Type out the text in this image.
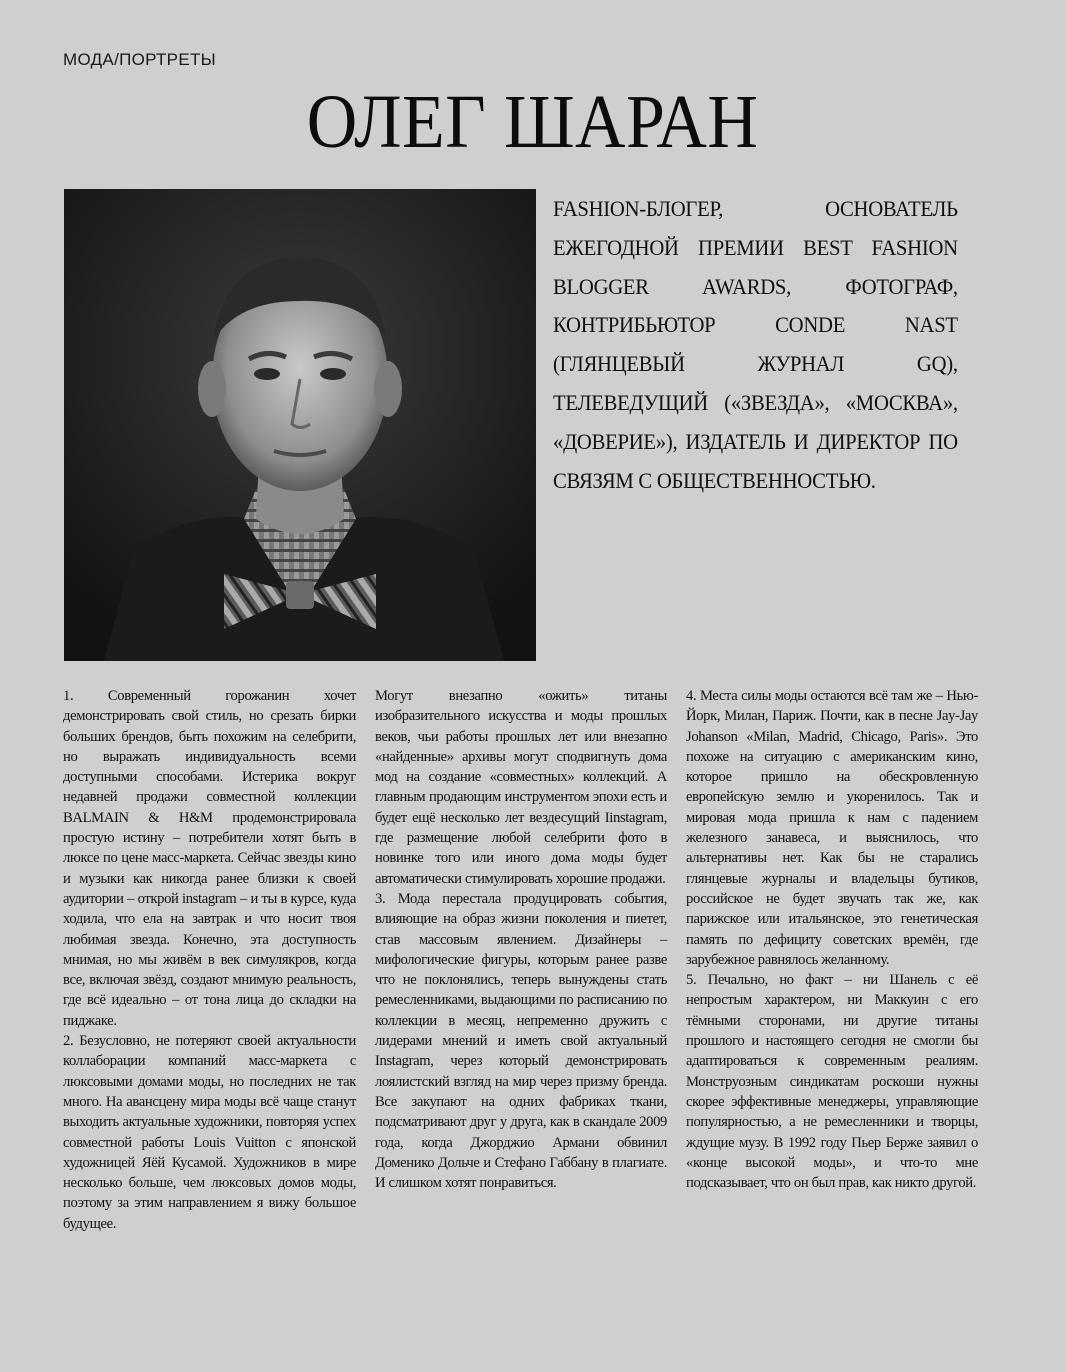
МОДА/ПОРТРЕТЫ
ОЛЕГ ШАРАН
FASHION-БЛОГЕР, ОСНОВАТЕЛЬ ЕЖЕГОДНОЙ ПРЕМИИ BEST FASHION BLOGGER AWARDS, ФОТОГРАФ, КОНТРИБЬЮТОР CONDE NAST (ГЛЯНЦЕВЫЙ ЖУРНАЛ GQ), ТЕЛЕВЕДУЩИЙ («ЗВЕЗДА», «МОСКВА», «ДОВЕРИЕ»), ИЗДАТЕЛЬ И ДИРЕКТОР ПО СВЯЗЯМ С ОБЩЕСТВЕННОСТЬЮ.

1. Современный горожанин хочет демонстрировать свой стиль, но срезать бирки больших брендов, быть похожим на селебрити, но выражать индивидуальность всеми доступными способами. Истерика вокруг недавней продажи совместной коллекции BALMAIN & H&M продемонстрировала простую истину – потребители хотят быть в люксе по цене масс-маркета. Сейчас звезды кино и музыки как никогда ранее близки к своей аудитории – открой instagram – и ты в курсе, куда ходила, что ела на завтрак и что носит твоя любимая звезда. Конечно, эта доступность мнимая, но мы живём в век симулякров, когда все, включая звёзд, создают мнимую реальность, где всё идеально – от тона лица до складки на пиджаке.

2. Безусловно, не потеряют своей актуальности коллаборации компаний масс-маркета с люксовыми домами моды, но последних не так много. На авансцену мира моды всё чаще станут выходить актуальные художники, повторяя успех совместной работы Louis Vuitton с японской художницей Яёй Кусамой. Художников в мире несколько больше, чем люксовых домов моды, поэтому за этим направлением я вижу большое будущее.

Могут внезапно «ожить» титаны изобразительного искусства и моды прошлых веков, чьи работы прошлых лет или внезапно «найденные» архивы могут сподвигнуть дома мод на создание «совместных» коллекций. А главным продающим инструментом эпохи есть и будет ещё несколько лет вездесущий Iinstagram, где размещение любой селебрити фото в новинке того или иного дома моды будет автоматически стимулировать хорошие продажи.

3. Мода перестала продуцировать события, влияющие на образ жизни поколения и пиетет, став массовым явлением. Дизайнеры – мифологические фигуры, которым ранее разве что не поклонялись, теперь вынуждены стать ремесленниками, выдающими по расписанию по коллекции в месяц, непременно дружить с лидерами мнений и иметь свой актуальный Instagram, через который демонстрировать лоялистский взгляд на мир через призму бренда. Все закупают на одних фабриках ткани, подсматривают друг у друга, как в скандале 2009 года, когда Джорджио Армани обвинил Доменико Дольче и Стефано Габбану в плагиате. И слишком хотят понравиться.

4. Места силы моды остаются всё там же – Нью-Йорк, Милан, Париж. Почти, как в песне Jay-Jay Johanson «Milan, Madrid, Chicago, Paris». Это похоже на ситуацию с американским кино, которое пришло на обескровленную европейскую землю и укоренилось. Так и мировая мода пришла к нам с падением железного занавеса, и выяснилось, что альтернативы нет. Как бы не старались глянцевые журналы и владельцы бутиков, российское не будет звучать так же, как парижское или итальянское, это генетическая память по дефициту советских времён, где зарубежное равнялось желанному.

5. Печально, но факт – ни Шанель с её непростым характером, ни Маккуин с его тёмными сторонами, ни другие титаны прошлого и настоящего сегодня не смогли бы адаптироваться к современным реалиям. Монструозным синдикатам роскоши нужны скорее эффективные менеджеры, управляющие популярностью, а не ремесленники и творцы, ждущие музу. В 1992 году Пьер Берже заявил о «конце высокой моды», и что-то мне подсказывает, что он был прав, как никто другой.
